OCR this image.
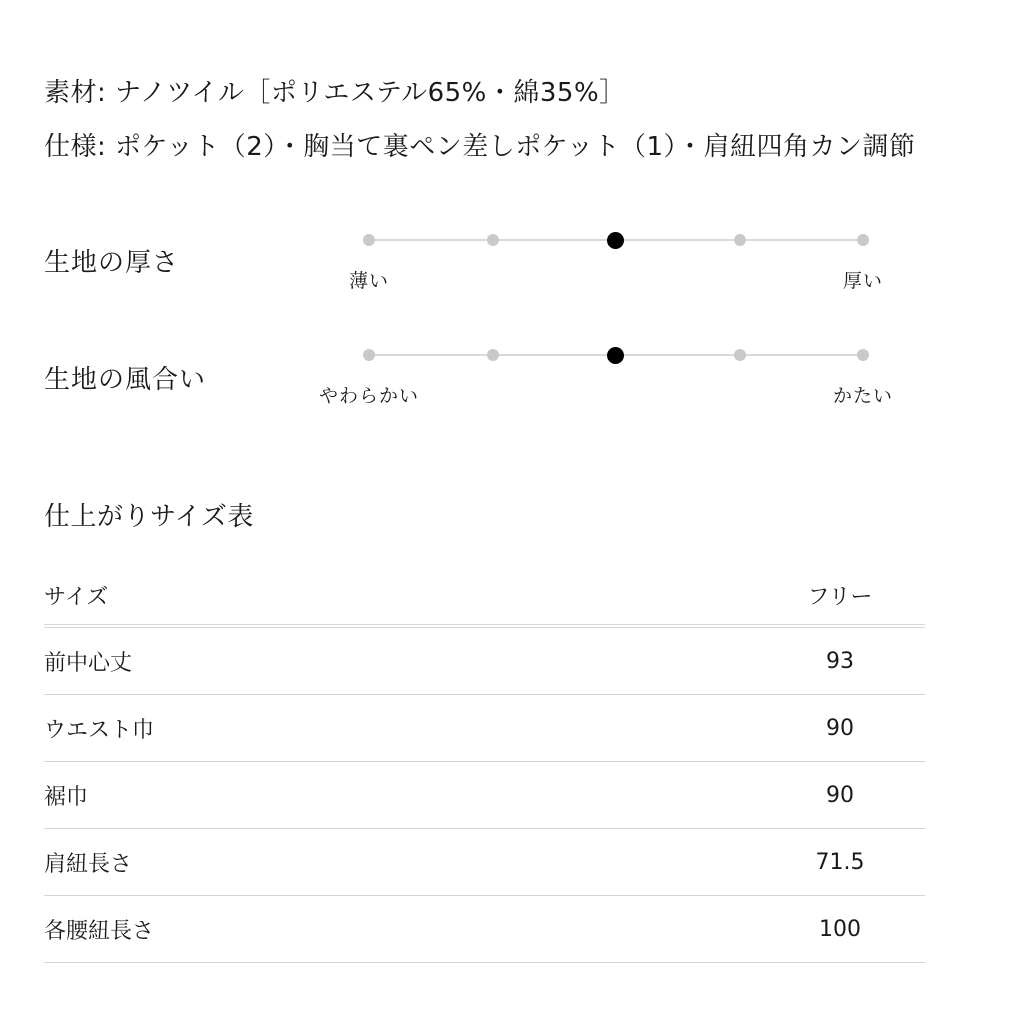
素材: ナノツイル［ポリエステル65%・綿35%］
仕様: ポケット（2）・胸当て裏ペン差しポケット（1）・肩紐四角カン調節
生地の厚さ
薄い	厚い
生地の風合い
やわらかい	かたい
仕上がりサイズ表
サイズ	フリー
前中心丈	93
ウエスト巾	90
裾巾	90
肩紐長さ	71.5
各腰紐長さ	100
